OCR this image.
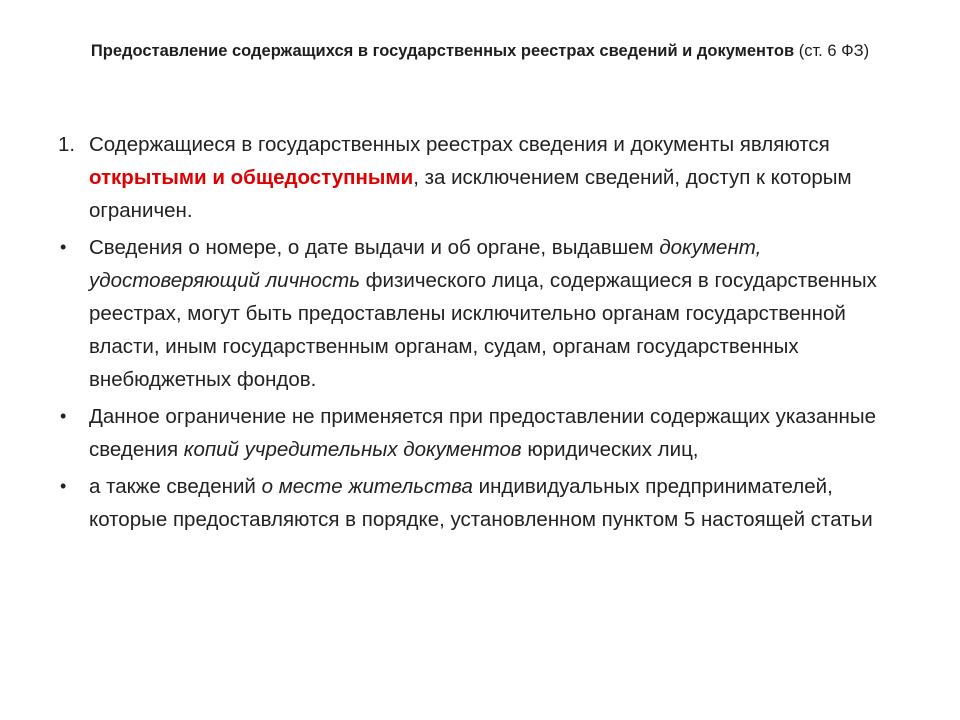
Предоставление содержащихся в государственных реестрах сведений и документов (ст. 6 ФЗ)
1. Содержащиеся в государственных реестрах сведения и документы являются открытыми и общедоступными, за исключением сведений, доступ к которым ограничен.
• Сведения о номере, о дате выдачи и об органе, выдавшем документ, удостоверяющий личность физического лица, содержащиеся в государственных реестрах, могут быть предоставлены исключительно органам государственной власти, иным государственным органам, судам, органам государственных внебюджетных фондов.
• Данное ограничение не применяется при предоставлении содержащих указанные сведения копий учредительных документов юридических лиц,
• а также сведений о месте жительства индивидуальных предпринимателей, которые предоставляются в порядке, установленном пунктом 5 настоящей статьи
